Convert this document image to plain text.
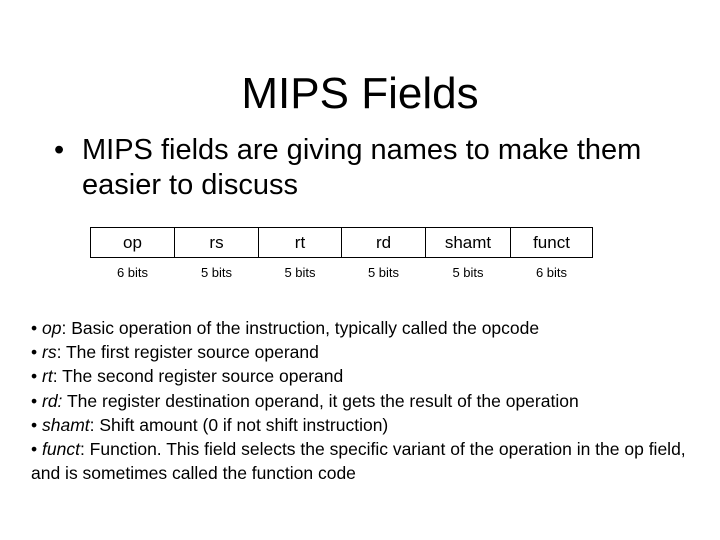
MIPS Fields
• MIPS fields are giving names to make them easier to discuss
op	rs	rt	rd	shamt	funct
6 bits	5 bits	5 bits	5 bits	5 bits	6 bits
• op: Basic operation of the instruction, typically called the opcode
• rs: The first register source operand
• rt: The second register source operand
• rd: The register destination operand, it gets the result of the operation
• shamt: Shift amount (0 if not shift instruction)
• funct: Function. This field selects the specific variant of the operation in the op field, and is sometimes called the function code
